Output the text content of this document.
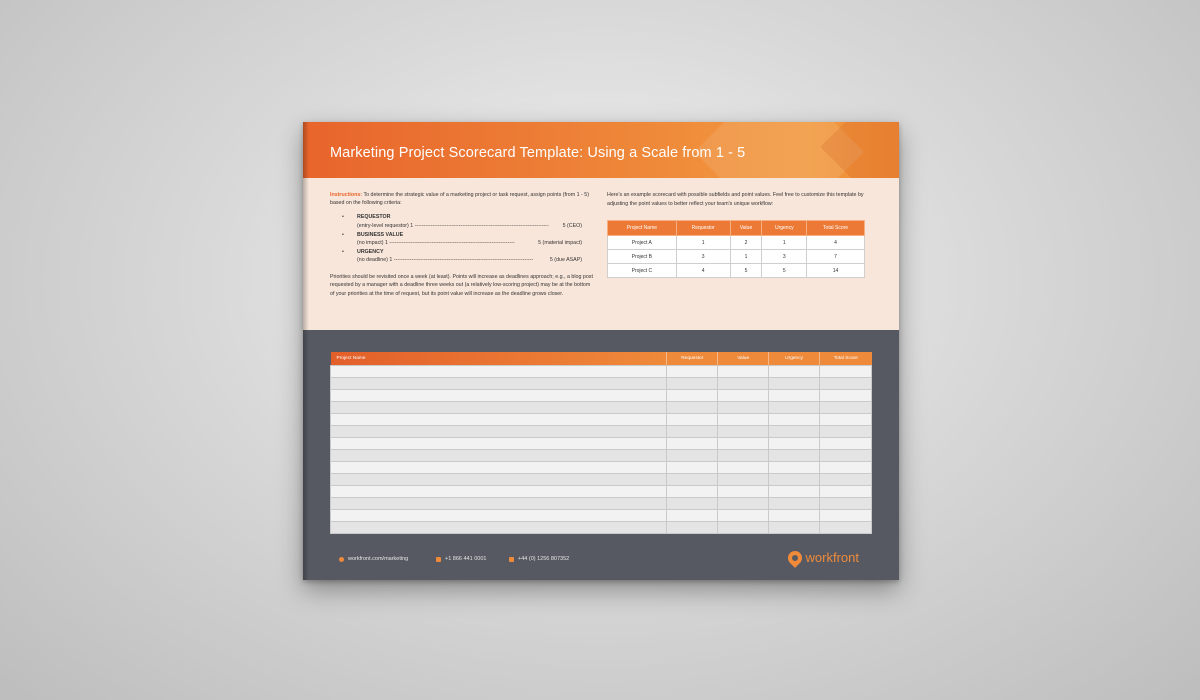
Marketing Project Scorecard Template: Using a Scale from 1 - 5
Instructions: To determine the strategic value of a marketing project or task request, assign points (from 1 - 5) based on the following criteria:
• REQUESTOR
(entry-level requestor) 1 ----------------------------------------------------------------------------	5 (CEO)
• BUSINESS VALUE
(no impact) 1 -----------------------------------------------------------------------	5 (material impact)
• URGENCY
(no deadline) 1 -------------------------------------------------------------------------------	5 (due ASAP)
Priorities should be revisited once a week (at least). Points will increase as deadlines approach; e.g., a blog post requested by a manager with a deadline three weeks out (a relatively low-scoring project) may be at the bottom of your priorities at the time of request, but its point value will increase as the deadline grows closer.
Here's an example scorecard with possible subfields and point values. Feel free to customize this template by adjusting the point values to better reflect your team's unique workflow:
Project Name	Requestor	Value	Urgency	Total Score
Project A	1	2	1	4
Project B	3	1	3	7
Project C	4	5	5	14
Project Name	Requestor	Value	Urgency	Total Score

workfront.com/marketing	+1 866 441 0001	+44 (0) 1256 807352	workfront
